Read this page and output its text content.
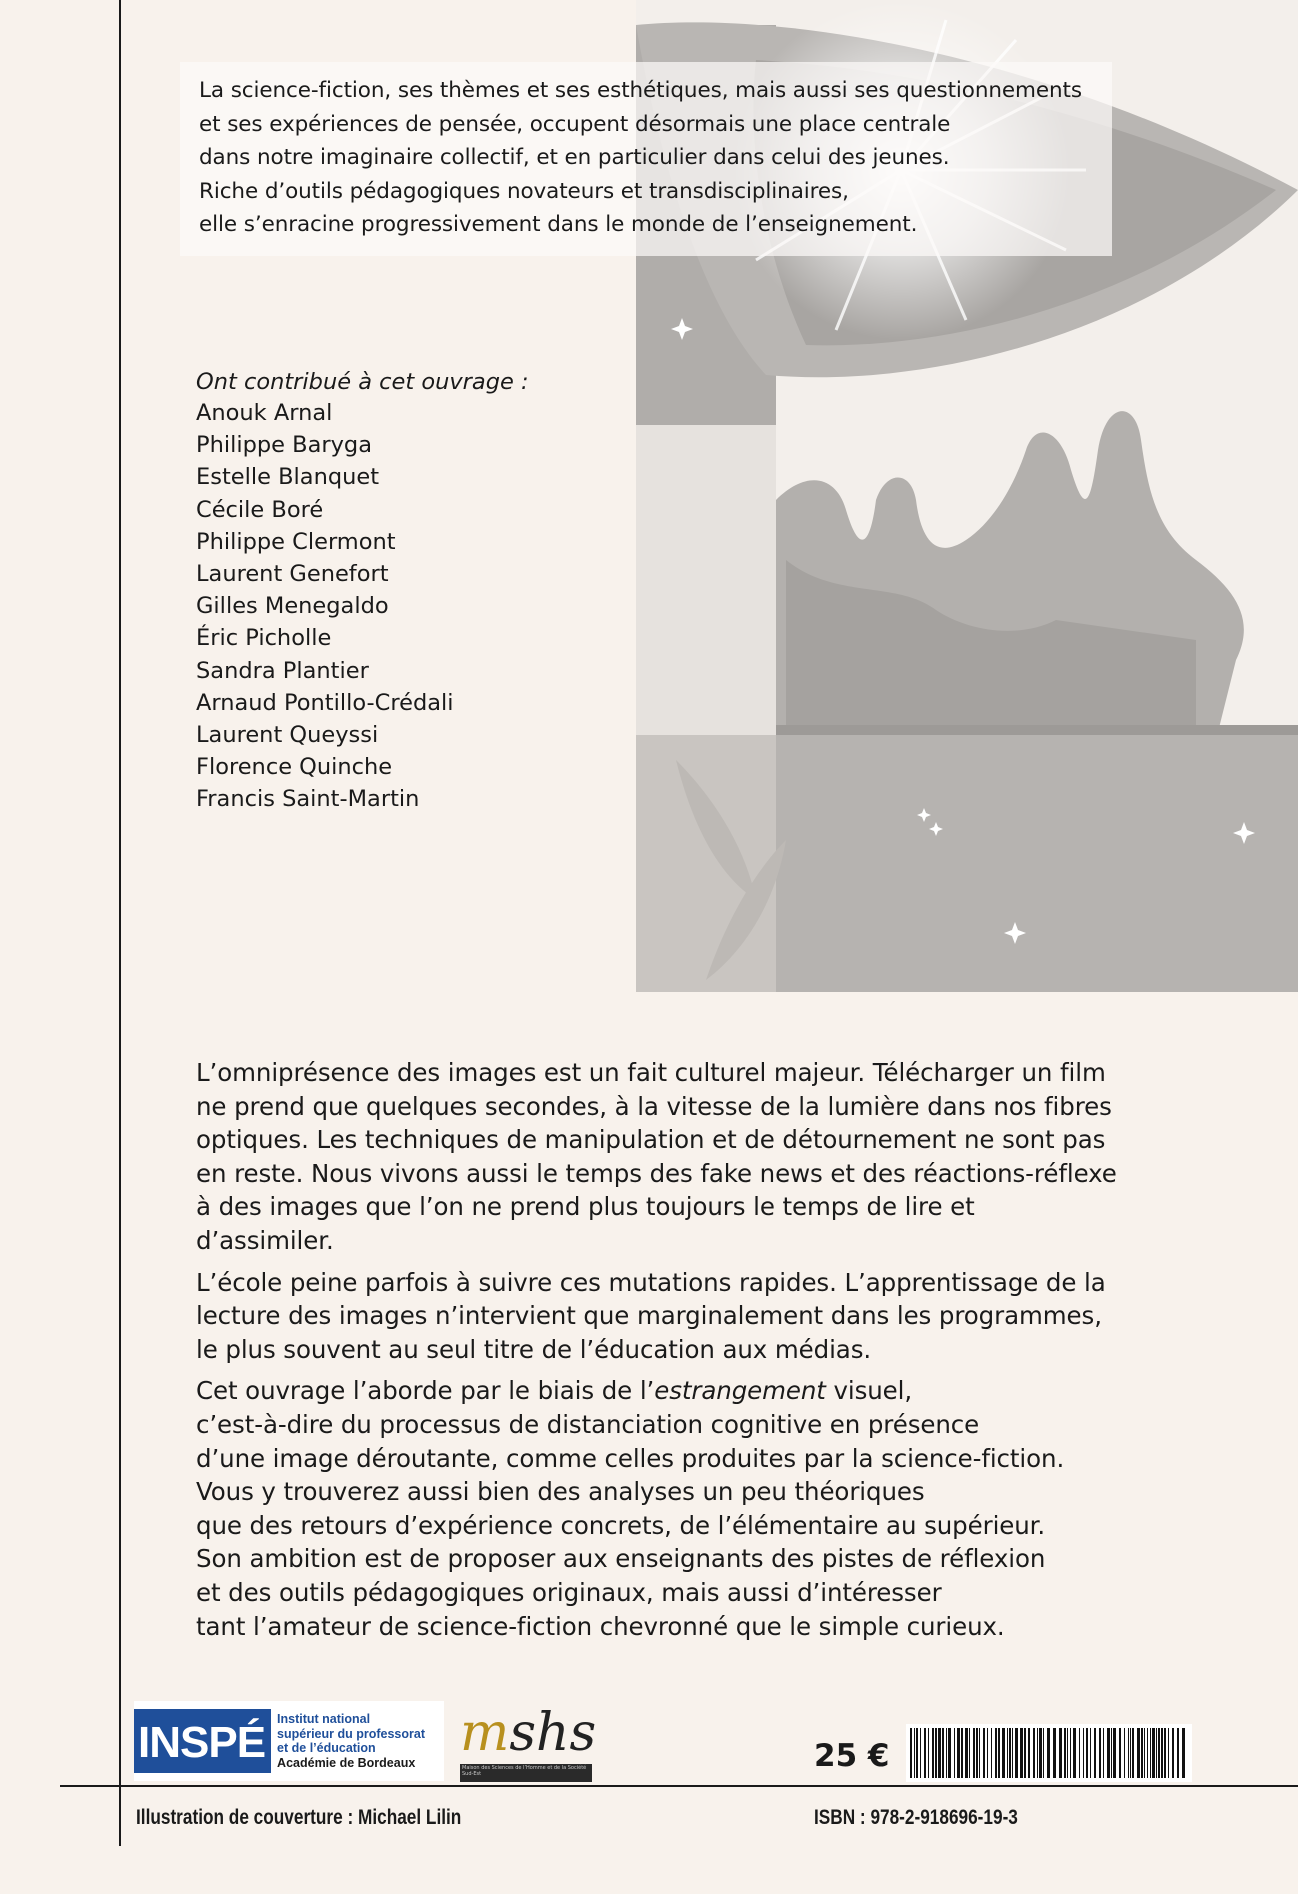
La science-fiction, ses thèmes et ses esthétiques, mais aussi ses questionnements

et ses expériences de pensée, occupent désormais une place centrale

dans notre imaginaire collectif, et en particulier dans celui des jeunes.

Riche d’outils pédagogiques novateurs et transdisciplinaires,

elle s’enracine progressivement dans le monde de l’enseignement.

Ont contribué à cet ouvrage :
Anouk Arnal
Philippe Baryga
Estelle Blanquet
Cécile Boré
Philippe Clermont
Laurent Genefort
Gilles Menegaldo
Éric Picholle
Sandra Plantier
Arnaud Pontillo-Crédali
Laurent Queyssi
Florence Quinche
Francis Saint-Martin

L’omniprésence des images est un fait culturel majeur. Télécharger un film
ne prend que quelques secondes, à la vitesse de la lumière dans nos fibres
optiques. Les techniques de manipulation et de détournement ne sont pas
en reste. Nous vivons aussi le temps des fake news et des réactions-réflexe
à des images que l’on ne prend plus toujours le temps de lire et
d’assimiler.

L’école peine parfois à suivre ces mutations rapides. L’apprentissage de la
lecture des images n’intervient que marginalement dans les programmes,
le plus souvent au seul titre de l’éducation aux médias.

Cet ouvrage l’aborde par le biais de l’estrangement visuel,
c’est-à-dire du processus de distanciation cognitive en présence
d’une image déroutante, comme celles produites par la science-fiction.
Vous y trouverez aussi bien des analyses un peu théoriques
que des retours d’expérience concrets, de l’élémentaire au supérieur.
Son ambition est de proposer aux enseignants des pistes de réflexion
et des outils pédagogiques originaux, mais aussi d’intéresser
tant l’amateur de science-fiction chevronné que le simple curieux.

INSPÉ Institut national
supérieur du professorat
et de l’éducation
Académie de Bordeaux mshs
Maison des Sciences de l’Homme et de la Société Sud-Est	25 €
Illustration de couverture : Michael Lilin	ISBN : 978-2-918696-19-3
